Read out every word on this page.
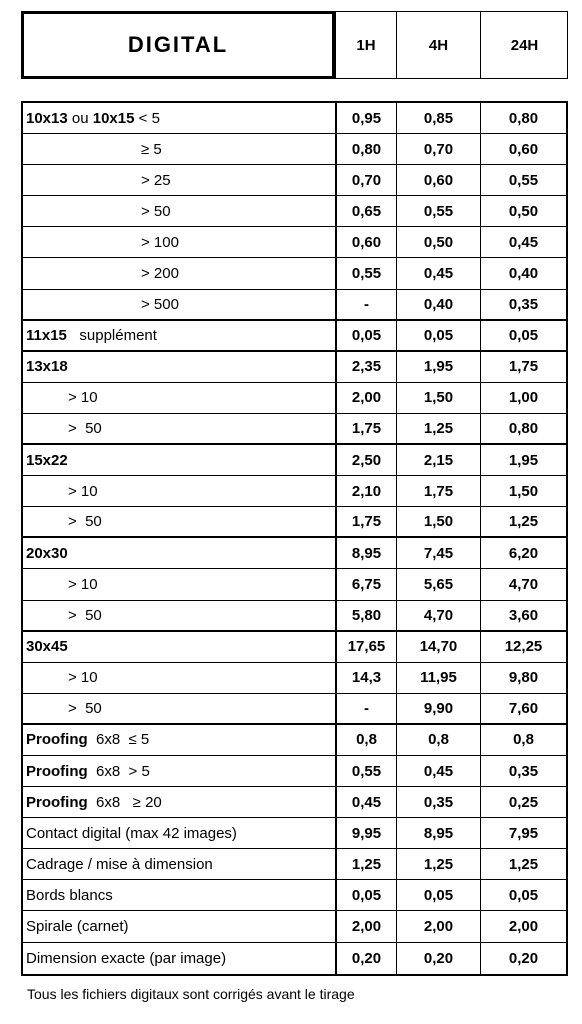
DIGITAL	1H	4H	24H
10x13 ou 10x15 < 5	0,95	0,85	0,80
≥ 5	0,80	0,70	0,60
> 25	0,70	0,60	0,55
> 50	0,65	0,55	0,50
> 100	0,60	0,50	0,45
> 200	0,55	0,45	0,40
> 500	-	0,40	0,35
11x15 supplément	0,05	0,05	0,05
13x18	2,35	1,95	1,75
> 10	2,00	1,50	1,00
>  50	1,75	1,25	0,80
15x22	2,50	2,15	1,95
> 10	2,10	1,75	1,50
>  50	1,75	1,50	1,25
20x30	8,95	7,45	6,20
> 10	6,75	5,65	4,70
>  50	5,80	4,70	3,60
30x45	17,65	14,70	12,25
> 10	14,3	11,95	9,80
>  50	-	9,90	7,60
Proofing 6x8  ≤ 5	0,8	0,8	0,8
Proofing 6x8  > 5	0,55	0,45	0,35
Proofing 6x8   ≥ 20	0,45	0,35	0,25
Contact digital (max 42 images)	9,95	8,95	7,95
Cadrage / mise à dimension	1,25	1,25	1,25
Bords blancs	0,05	0,05	0,05
Spirale (carnet)	2,00	2,00	2,00
Dimension exacte (par image)	0,20	0,20	0,20
Tous les fichiers digitaux sont corrigés avant le tirage
